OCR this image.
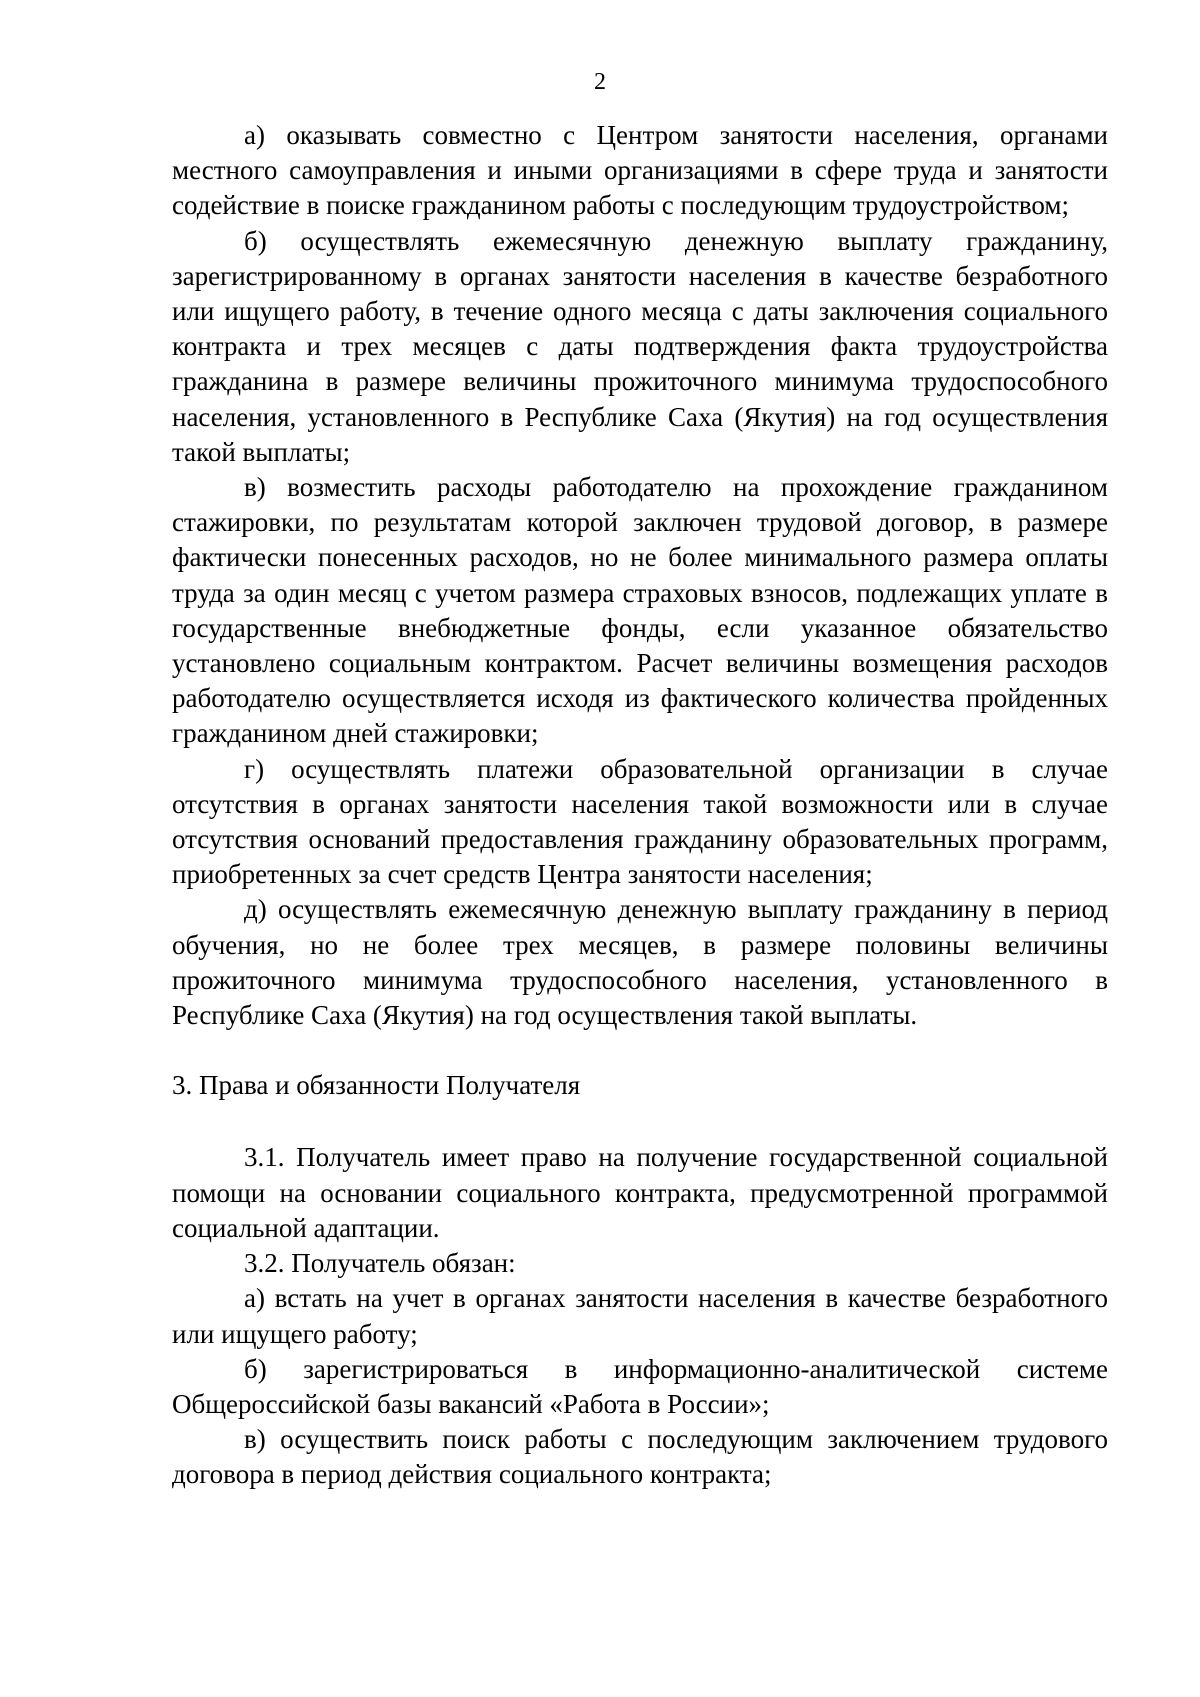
2

а) оказывать совместно с Центром занятости населения, органами местного самоуправления и иными организациями в сфере труда и занятости содействие в поиске гражданином работы с последующим трудоустройством;

б) осуществлять ежемесячную денежную выплату гражданину, зарегистрированному в органах занятости населения в качестве безработного или ищущего работу, в течение одного месяца с даты заключения социального контракта и трех месяцев с даты подтверждения факта трудоустройства гражданина в размере величины прожиточного минимума трудоспособного населения, установленного в Республике Саха (Якутия) на год осуществления такой выплаты;

в) возместить расходы работодателю на прохождение гражданином стажировки, по результатам которой заключен трудовой договор, в размере фактически понесенных расходов, но не более минимального размера оплаты труда за один месяц с учетом размера страховых взносов, подлежащих уплате в государственные внебюджетные фонды, если указанное обязательство установлено социальным контрактом. Расчет величины возмещения расходов работодателю осуществляется исходя из фактического количества пройденных гражданином дней стажировки;

г) осуществлять платежи образовательной организации в случае отсутствия в органах занятости населения такой возможности или в случае отсутствия оснований предоставления гражданину образовательных программ, приобретенных за счет средств Центра занятости населения;

д) осуществлять ежемесячную денежную выплату гражданину в период обучения, но не более трех месяцев, в размере половины величины прожиточного минимума трудоспособного населения, установленного в Республике Саха (Якутия) на год осуществления такой выплаты.

3. Права и обязанности Получателя

3.1. Получатель имеет право на получение государственной социальной помощи на основании социального контракта, предусмотренной программой социальной адаптации.

3.2. Получатель обязан:

а) встать на учет в органах занятости населения в качестве безработного или ищущего работу;

б) зарегистрироваться в информационно-аналитической системе Общероссийской базы вакансий «Работа в России»;

в) осуществить поиск работы с последующим заключением трудового договора в период действия социального контракта;
